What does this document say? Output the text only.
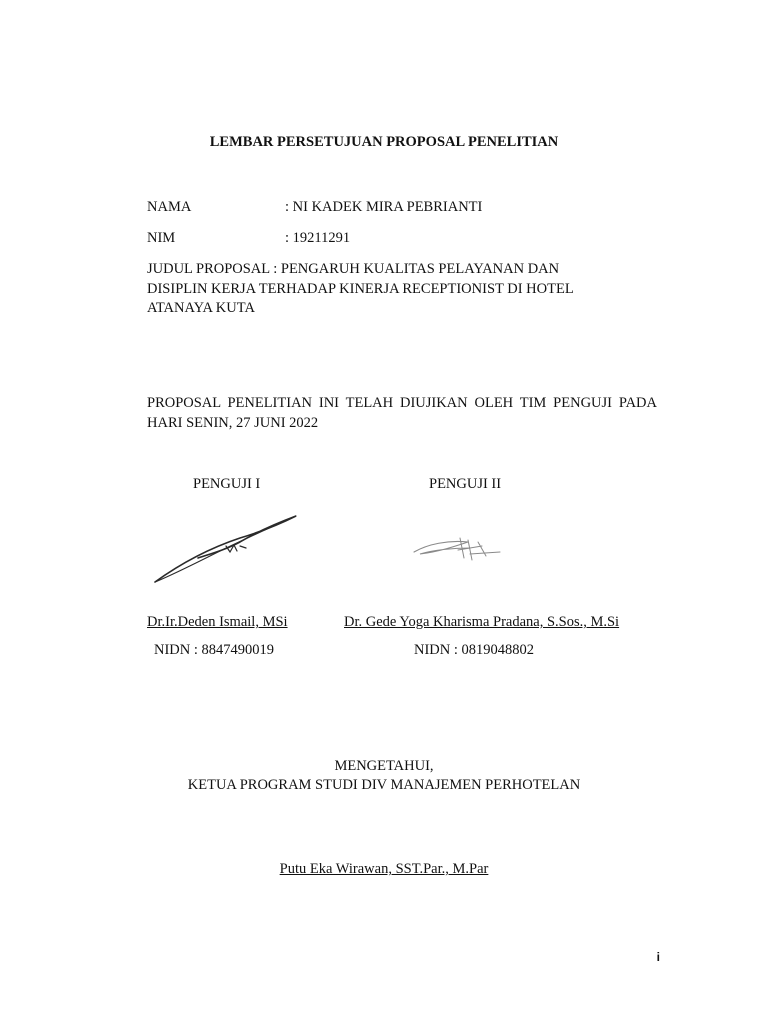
LEMBAR PERSETUJUAN PROPOSAL PENELITIAN
NAMA	: NI KADEK MIRA PEBRIANTI
NIM	: 19211291
JUDUL PROPOSAL : PENGARUH KUALITAS PELAYANAN DAN
DISIPLIN KERJA TERHADAP KINERJA RECEPTIONIST DI HOTEL
ATANAYA KUTA
PROPOSAL PENELITIAN INI TELAH DIUJIKAN OLEH TIM PENGUJI PADA HARI SENIN, 27 JUNI 2022
PENGUJI I	PENGUJI II
Dr.Ir.Deden Ismail, MSi	Dr. Gede Yoga Kharisma Pradana, S.Sos., M.Si
NIDN : 8847490019	NIDN : 0819048802
MENGETAHUI,
KETUA PROGRAM STUDI DIV MANAJEMEN PERHOTELAN
Putu Eka Wirawan, SST.Par., M.Par
i
